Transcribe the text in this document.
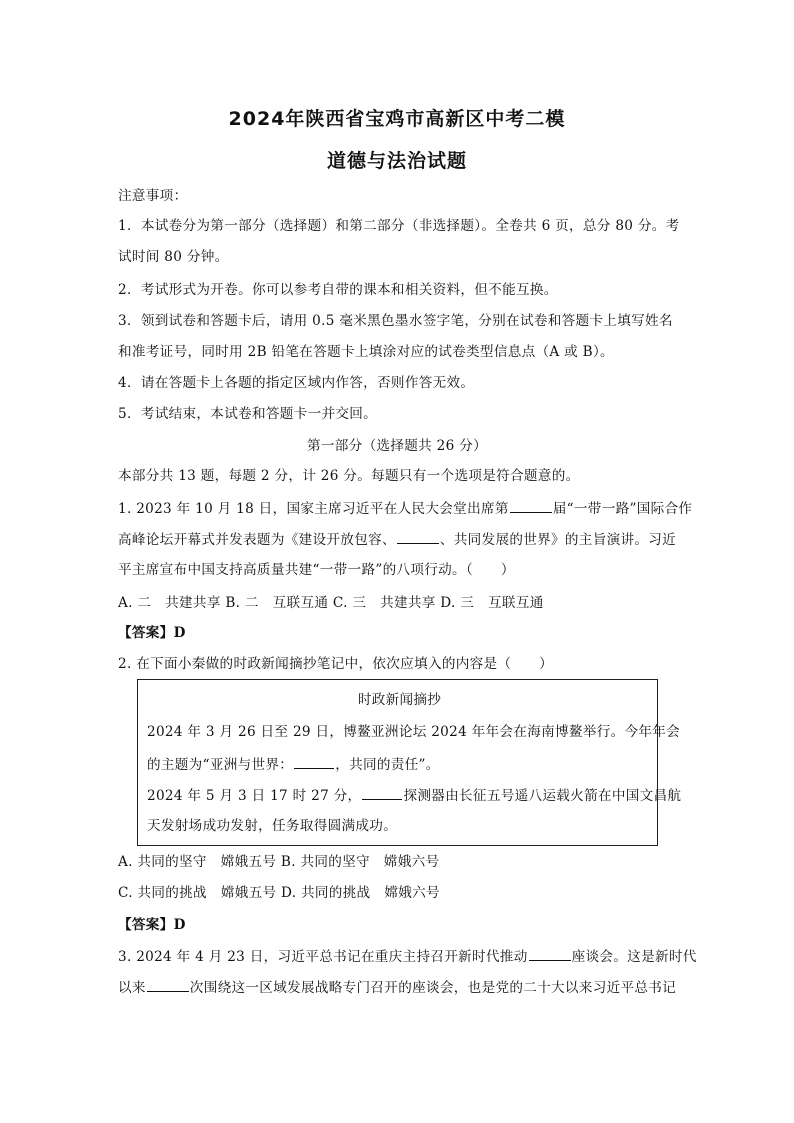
2024年陕西省宝鸡市高新区中考二模
道德与法治试题
注意事项：
1．本试卷分为第一部分（选择题）和第二部分（非选择题）。全卷共 6 页，总分 80 分。考
试时间 80 分钟。
2．考试形式为开卷。你可以参考自带的课本和相关资料，但不能互换。
3．领到试卷和答题卡后，请用 0.5 毫米黑色墨水签字笔，分别在试卷和答题卡上填写姓名
和准考证号，同时用 2B 铅笔在答题卡上填涂对应的试卷类型信息点（A 或 B）。
4．请在答题卡上各题的指定区域内作答，否则作答无效。
5．考试结束，本试卷和答题卡一并交回。
第一部分（选择题共 26 分）
本部分共 13 题，每题 2 分，计 26 分。每题只有一个选项是符合题意的。
1. 2023 年 10 月 18 日，国家主席习近平在人民大会堂出席第	届“一带一路”国际合作
高峰论坛开幕式并发表题为《建设开放包容、	、共同发展的世界》的主旨演讲。习近
平主席宣布中国支持高质量共建“一带一路”的八项行动。（　　）
A. 二　共建共享 B. 二　互联互通 C. 三　共建共享 D. 三　互联互通
【答案】D
2. 在下面小秦做的时政新闻摘抄笔记中，依次应填入的内容是（　　）
时政新闻摘抄
2024 年 3 月 26 日至 29 日，博鳌亚洲论坛 2024 年年会在海南博鳌举行。今年年会
的主题为“亚洲与世界：	，共同的责任”。
2024 年 5 月 3 日 17 时 27 分，	探测器由长征五号遥八运载火箭在中国文昌航
天发射场成功发射，任务取得圆满成功。
A. 共同的坚守　嫦娥五号 B. 共同的坚守　嫦娥六号
C. 共同的挑战　嫦娥五号 D. 共同的挑战　嫦娥六号
【答案】D
3. 2024 年 4 月 23 日，习近平总书记在重庆主持召开新时代推动	座谈会。这是新时代
以来	次围绕这一区域发展战略专门召开的座谈会，也是党的二十大以来习近平总书记
